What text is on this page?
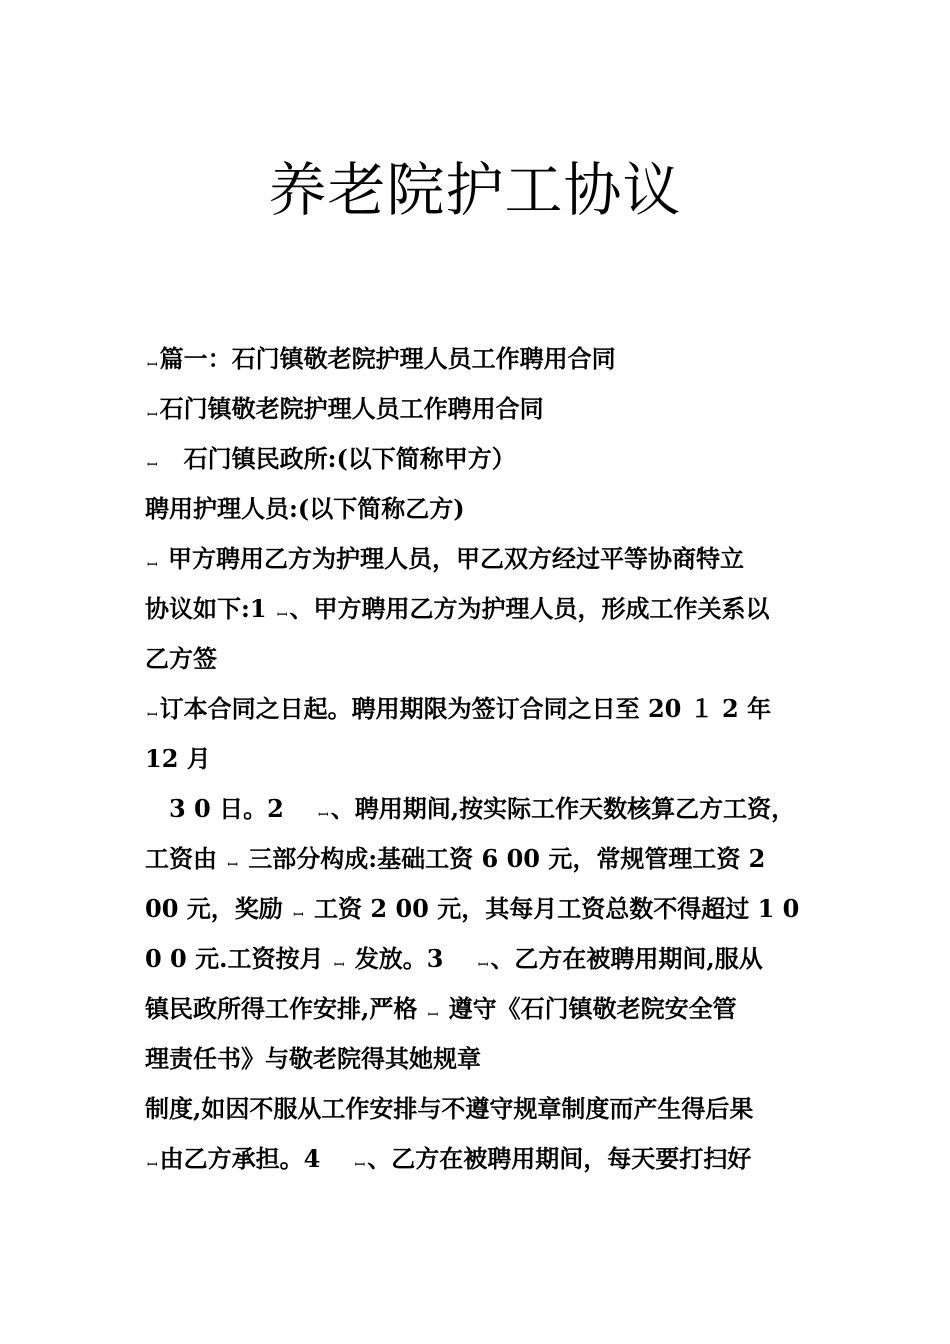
养老院护工协议
ꟷ篇一：石门镇敬老院护理人员工作聘用合同
ꟷ石门镇敬老院护理人员工作聘用合同
ꟷ　石门镇民政所:(以下简称甲方）
聘用护理人员:(以下简称乙方)
ꟷ 甲方聘用乙方为护理人员，甲乙双方经过平等协商特立
协议如下:1 ꟷ、甲方聘用乙方为护理人员，形成工作关系以
乙方签
ꟷ订本合同之日起。聘用期限为签订合同之日至 20 １ 2 年
12 月
　3 0 日。2 　ꟷ、聘用期间,按实际工作天数核算乙方工资，
工资由 ꟷ 三部分构成:基础工资 6 00 元，常规管理工资 2
00 元，奖励 ꟷ 工资 2 00 元，其每月工资总数不得超过 1 0
0 0 元.工资按月 ꟷ 发放。3 　ꟷ、乙方在被聘用期间,服从
镇民政所得工作安排,严格 ꟷ 遵守《石门镇敬老院安全管
理责任书》与敬老院得其她规章
制度,如因不服从工作安排与不遵守规章制度而产生得后果
ꟷ由乙方承担。4 　ꟷ、乙方在被聘用期间，每天要打扫好
